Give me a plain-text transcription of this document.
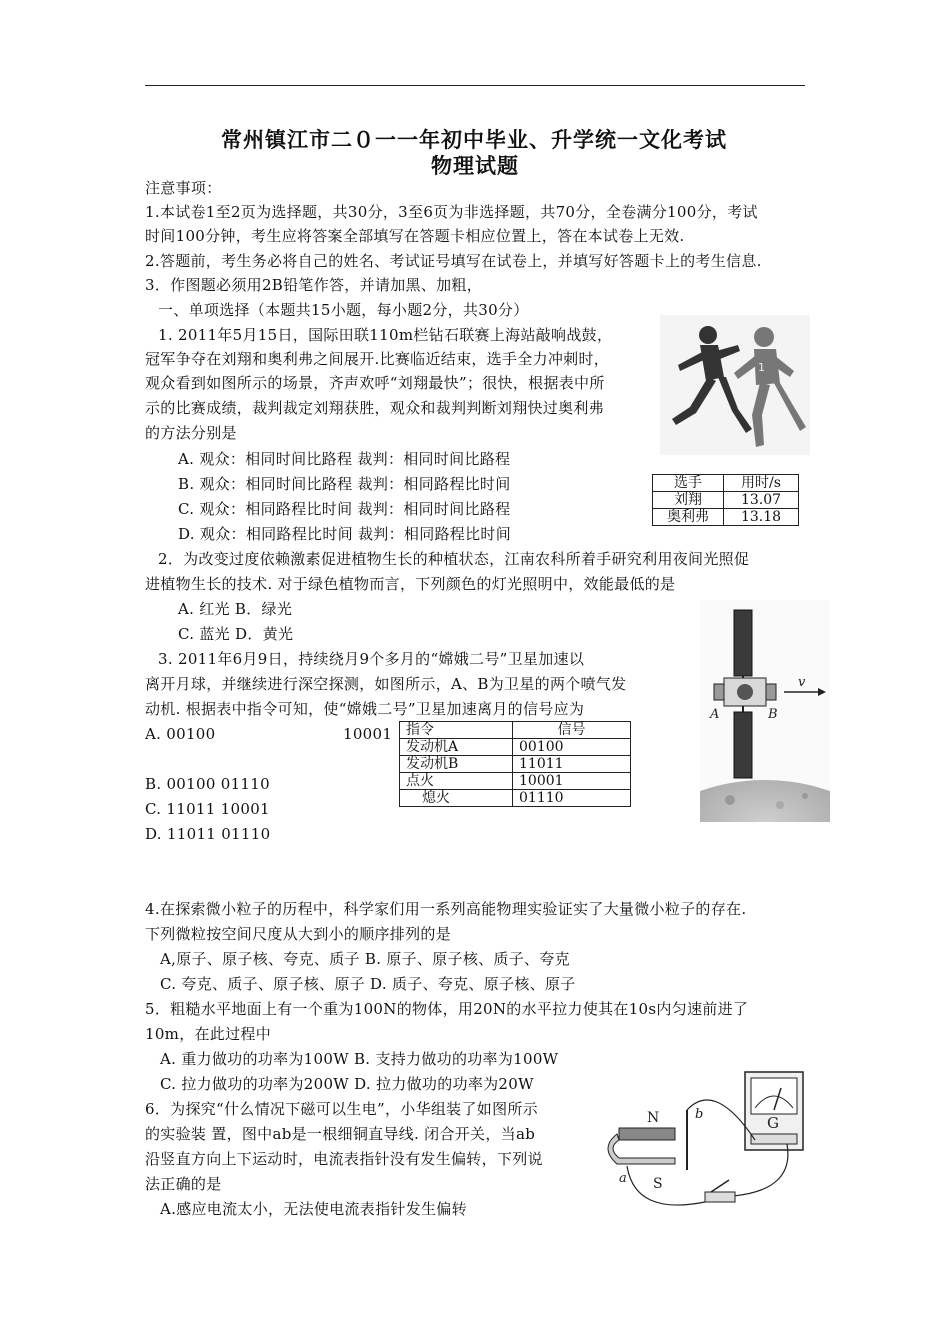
常州镇江市二０一一年初中毕业、升学统一文化考试
物理试题
注意事项：
1.本试卷1至2页为选择题，共30分，3至6页为非选择题，共70分，全卷满分100分，考试
时间100分钟，考生应将答案全部填写在答题卡相应位置上，答在本试卷上无效.
2.答题前，考生务必将自己的姓名、考试证号填写在试卷上，并填写好答题卡上的考生信息.
3．作图题必须用2B铅笔作答，并请加黑、加粗，
一、单项选择（本题共15小题，每小题2分，共30分）
1. 2011年5月15日，国际田联110m栏钻石联赛上海站敲响战鼓，
冠军争夺在刘翔和奥利弗之间展开.比赛临近结束，选手全力冲刺时，
观众看到如图所示的场景，齐声欢呼“刘翔最快”；很快，根据表中所
示的比赛成绩，裁判裁定刘翔获胜，观众和裁判判断刘翔快过奥利弗
的方法分别是
A. 观众：相同时间比路程 裁判：相同时间比路程
B. 观众：相同时间比路程 裁判：相同路程比时间
C. 观众：相同路程比时间 裁判：相同时间比路程
D. 观众：相同路程比时间 裁判：相同路程比时间
1
选手	用时/s
刘翔	13.07
奥利弗	13.18
2．为改变过度依赖激素促进植物生长的种植状态，江南农科所着手研究利用夜间光照促
进植物生长的技术. 对于绿色植物而言，下列颜色的灯光照明中，效能最低的是
A. 红光 B．绿光
C. 蓝光 D．黄光
3. 2011年6月9日，持续绕月9个多月的“嫦娥二号”卫星加速以
离开月球，并继续进行深空探测，如图所示，A、B为卫星的两个喷气发
动机. 根据表中指令可知，使“嫦娥二号”卫星加速离月的信号应为
A. 00100	10001
B. 00100 01110
C. 11011 10001
D. 11011 01110
指令	信号
发动机A	00100
发动机B	11011
点火	10001
熄火	01110
A	B
v
4.在探索微小粒子的历程中，科学家们用一系列高能物理实验证实了大量微小粒子的存在.
下列微粒按空间尺度从大到小的顺序排列的是
A,原子、原子核、夸克、质子 B. 原子、原子核、质子、夸克
C. 夸克、质子、原子核、原子 D. 质子、夸克、原子核、原子
5．粗糙水平地面上有一个重为100N的物体，用20N的水平拉力使其在10s内匀速前进了
10m，在此过程中
A. 重力做功的功率为100W B. 支持力做功的功率为100W
C. 拉力做功的功率为200W D. 拉力做功的功率为20W
6．为探究“什么情况下磁可以生电”，小华组装了如图所示
的实验装 置，图中ab是一根细铜直导线. 闭合开关，当ab
沿竖直方向上下运动时，电流表指针没有发生偏转，下列说
法正确的是
A.感应电流太小，无法使电流表指针发生偏转
G
N
S
b
a
